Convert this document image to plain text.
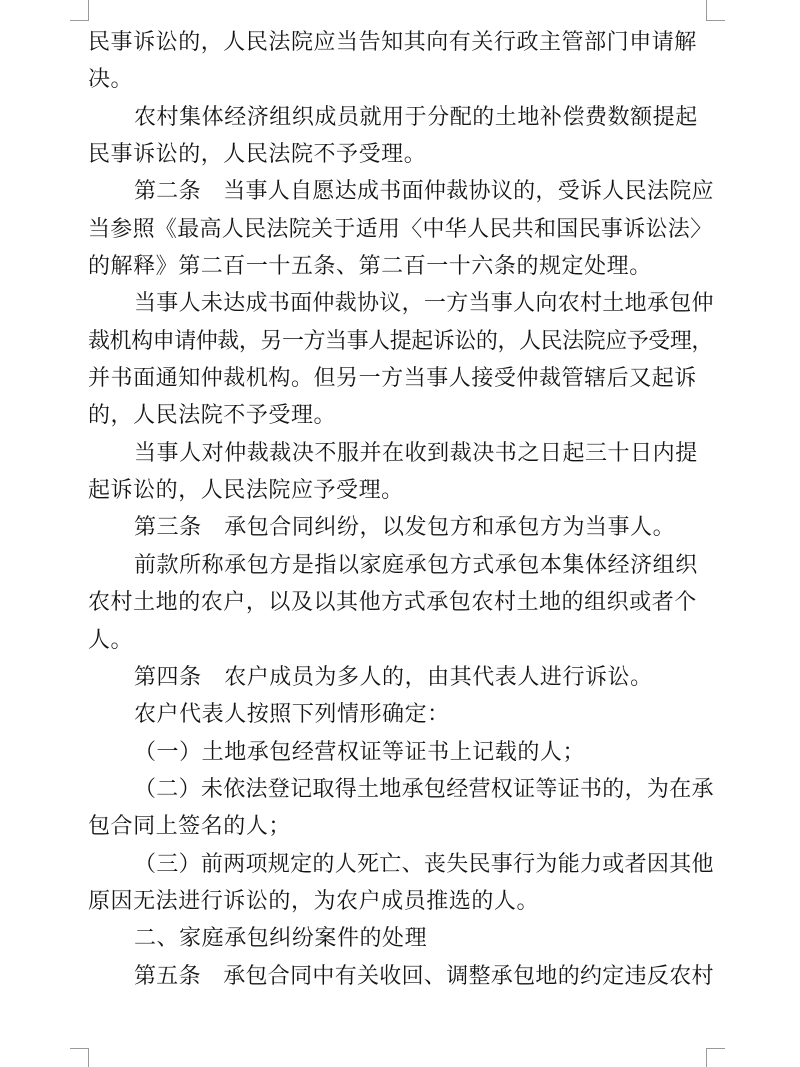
民事诉讼的，人民法院应当告知其向有关行政主管部门申请解
决。
农村集体经济组织成员就用于分配的土地补偿费数额提起
民事诉讼的，人民法院不予受理。
第二条　当事人自愿达成书面仲裁协议的，受诉人民法院应
当参照《最高人民法院关于适用〈中华人民共和国民事诉讼法〉
的解释》第二百一十五条、第二百一十六条的规定处理。
当事人未达成书面仲裁协议，一方当事人向农村土地承包仲
裁机构申请仲裁，另一方当事人提起诉讼的，人民法院应予受理，
并书面通知仲裁机构。但另一方当事人接受仲裁管辖后又起诉
的，人民法院不予受理。
当事人对仲裁裁决不服并在收到裁决书之日起三十日内提
起诉讼的，人民法院应予受理。
第三条　承包合同纠纷，以发包方和承包方为当事人。
前款所称承包方是指以家庭承包方式承包本集体经济组织
农村土地的农户，以及以其他方式承包农村土地的组织或者个
人。
第四条　农户成员为多人的，由其代表人进行诉讼。
农户代表人按照下列情形确定：
（一）土地承包经营权证等证书上记载的人；
（二）未依法登记取得土地承包经营权证等证书的，为在承
包合同上签名的人；
（三）前两项规定的人死亡、丧失民事行为能力或者因其他
原因无法进行诉讼的，为农户成员推选的人。
二、家庭承包纠纷案件的处理
第五条　承包合同中有关收回、调整承包地的约定违反农村
